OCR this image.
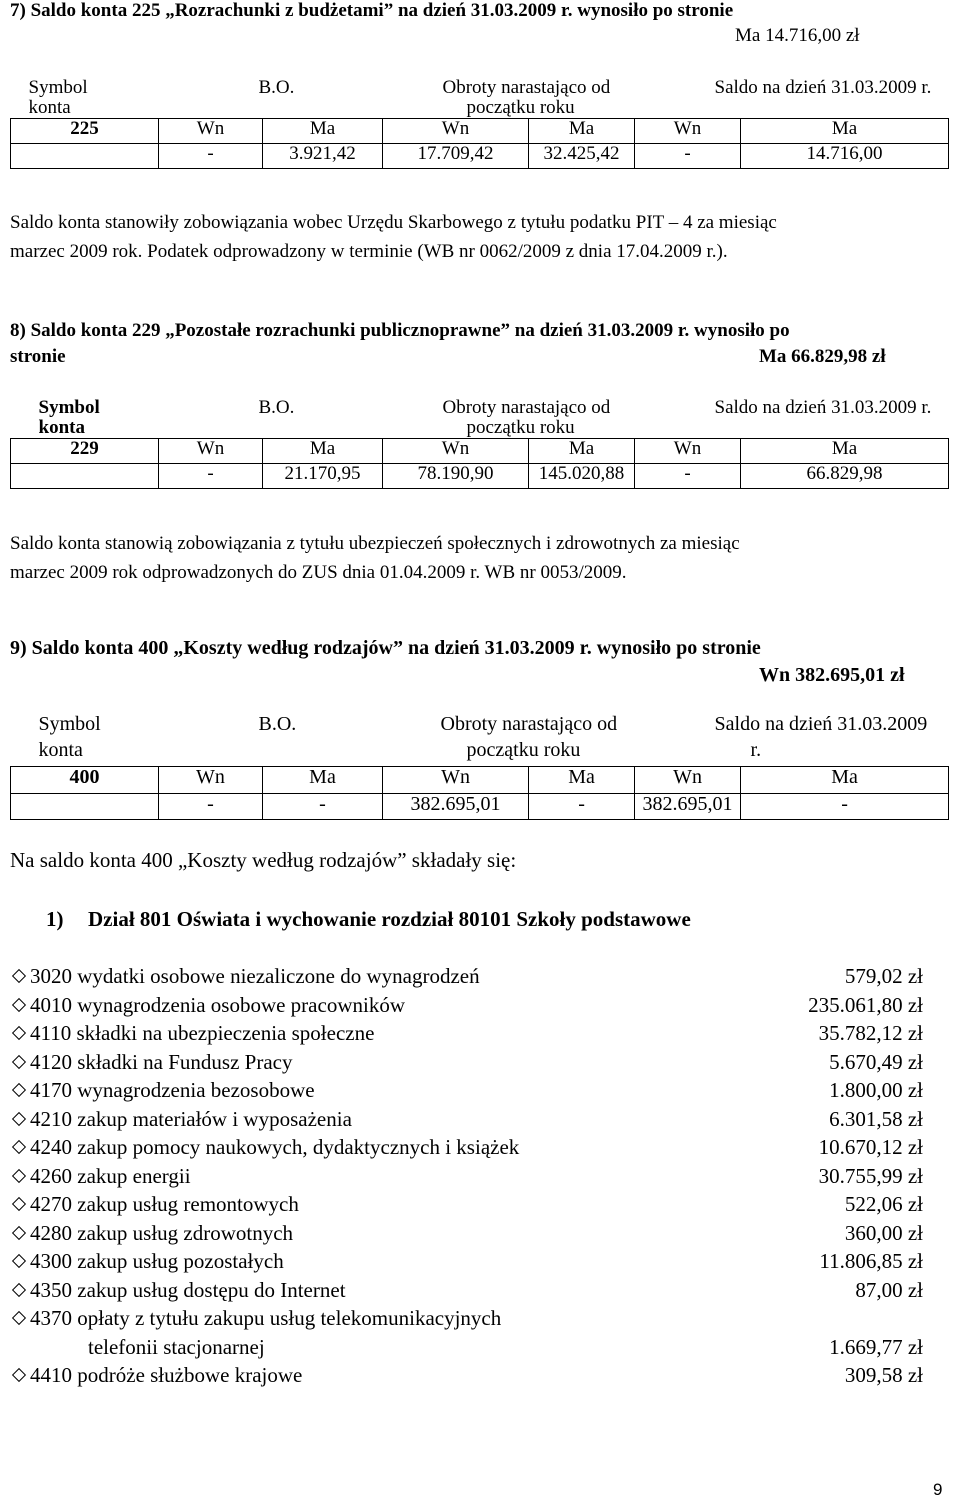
7) Saldo konta 225 „Rozrachunki z budżetami” na dzień 31.03.2009 r. wynosiło po stronie
Ma 14.716,00 zł
Symbol	B.O.		Obroty narastająco od		Saldo na dzień 31.03.2009 r.	
konta			początku roku			
225	Wn	Ma	Wn	Ma	Wn	Ma
	-	3.921,42	17.709,42	32.425,42	-	14.716,00
Saldo konta stanowiły zobowiązania wobec Urzędu Skarbowego z tytułu podatku PIT – 4 za miesiąc
marzec 2009 rok. Podatek odprowadzony w terminie (WB nr 0062/2009 z dnia 17.04.2009 r.).
8) Saldo konta 229 „Pozostałe rozrachunki publicznoprawne” na dzień 31.03.2009 r. wynosiło po
stronie	Ma 66.829,98 zł
Symbol	B.O.		Obroty narastająco od		Saldo na dzień 31.03.2009 r.	
konta			początku roku			
229	Wn	Ma	Wn	Ma	Wn	Ma
	-	21.170,95	78.190,90	145.020,88	-	66.829,98
Saldo konta stanowią zobowiązania z tytułu ubezpieczeń społecznych i zdrowotnych za miesiąc
marzec 2009 rok odprowadzonych do ZUS dnia 01.04.2009 r. WB nr 0053/2009.
9) Saldo konta 400 „Koszty według rodzajów” na dzień 31.03.2009 r. wynosiło po stronie
Wn 382.695,01 zł
Symbol	B.O.		Obroty narastająco od		Saldo na dzień 31.03.2009	
konta			początku roku		r.	
400	Wn	Ma	Wn	Ma	Wn	Ma
	-	-	382.695,01	-	382.695,01	-
Na saldo konta 400 „Koszty według rodzajów” składały się:
1) Dział 801 Oświata i wychowanie rozdział 80101 Szkoły podstawowe
3020 wydatki osobowe niezaliczone do wynagrodzeń	579,02 zł
4010 wynagrodzenia osobowe pracowników	235.061,80 zł
4110 składki na ubezpieczenia społeczne	35.782,12 zł
4120 składki na Fundusz Pracy	5.670,49 zł
4170 wynagrodzenia bezosobowe	1.800,00 zł
4210 zakup materiałów i wyposażenia	6.301,58 zł
4240 zakup pomocy naukowych, dydaktycznych i książek	10.670,12 zł
4260 zakup energii	30.755,99 zł
4270 zakup usług remontowych	522,06 zł
4280 zakup usług zdrowotnych	360,00 zł
4300 zakup usług pozostałych	11.806,85 zł
4350 zakup usług dostępu do Internet	87,00 zł
4370 opłaty z tytułu zakupu usług telekomunikacyjnych
telefonii stacjonarnej	1.669,77 zł
4410 podróże służbowe krajowe	309,58 zł
9
